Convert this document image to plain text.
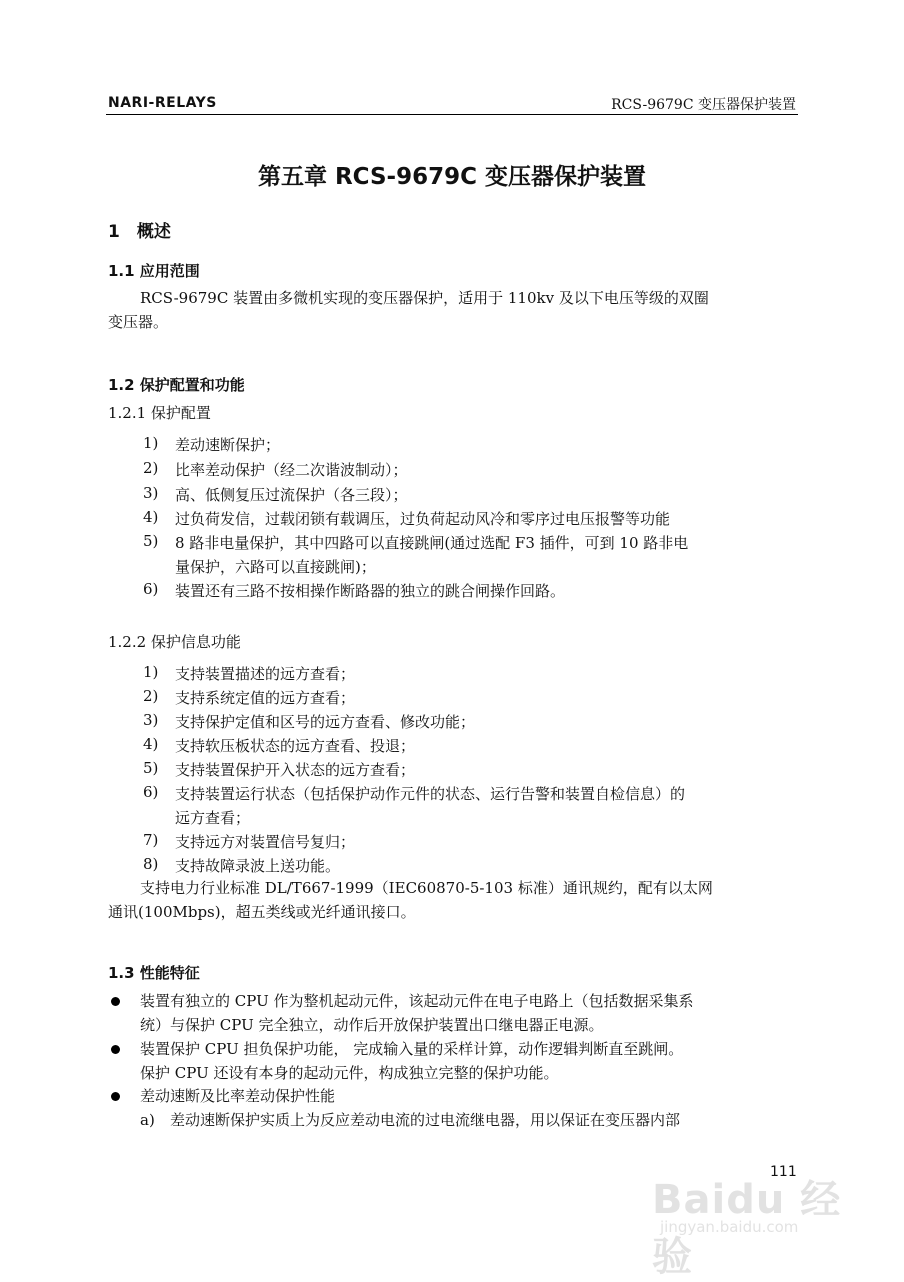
NARI-RELAYS	RCS-9679C 变压器保护装置
第五章 RCS-9679C 变压器保护装置
1　概述
1.1 应用范围
RCS-9679C 装置由多微机实现的变压器保护，适用于 110kv 及以下电压等级的双圈
变压器。
1.2 保护配置和功能
1.2.1 保护配置
1) 差动速断保护；
2) 比率差动保护（经二次谐波制动）；
3) 高、低侧复压过流保护（各三段）；
4) 过负荷发信，过载闭锁有载调压，过负荷起动风冷和零序过电压报警等功能
5) 8 路非电量保护，其中四路可以直接跳闸(通过选配 F3 插件，可到 10 路非电
量保护，六路可以直接跳闸)；
6) 装置还有三路不按相操作断路器的独立的跳合闸操作回路。
1.2.2 保护信息功能
1) 支持装置描述的远方查看；
2) 支持系统定值的远方查看；
3) 支持保护定值和区号的远方查看、修改功能；
4) 支持软压板状态的远方查看、投退；
5) 支持装置保护开入状态的远方查看；
6) 支持装置运行状态（包括保护动作元件的状态、运行告警和装置自检信息）的
远方查看；
7) 支持远方对装置信号复归；
8) 支持故障录波上送功能。
支持电力行业标准 DL/T667-1999（IEC60870-5-103 标准）通讯规约，配有以太网
通讯(100Mbps)，超五类线或光纤通讯接口。
1.3 性能特征
装置有独立的 CPU 作为整机起动元件，该起动元件在电子电路上（包括数据采集系
统）与保护 CPU 完全独立，动作后开放保护装置出口继电器正电源。
装置保护 CPU 担负保护功能， 完成输入量的采样计算，动作逻辑判断直至跳闸。
保护 CPU 还设有本身的起动元件，构成独立完整的保护功能。
差动速断及比率差动保护性能
a) 差动速断保护实质上为反应差动电流的过电流继电器，用以保证在变压器内部
111
Baidu 经验
jingyan.baidu.com
